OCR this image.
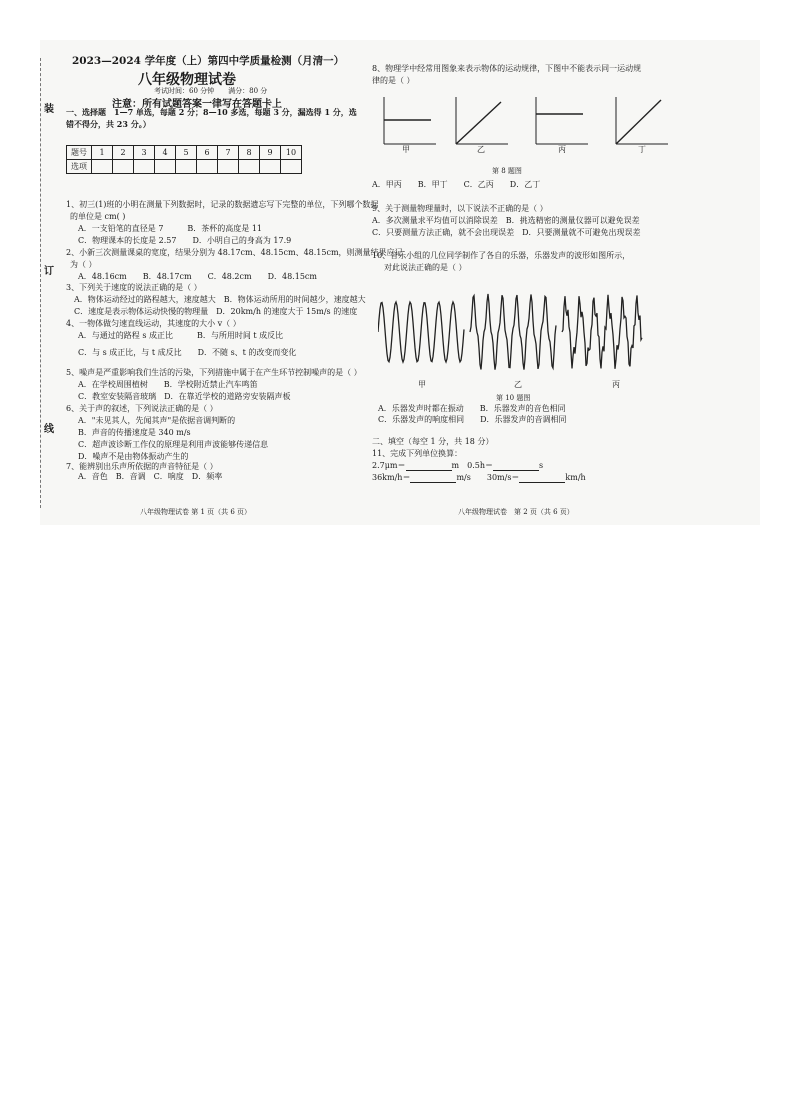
装
订
线
2023—2024 学年度（上）第四中学质量检测（月清一）
八年级物理试卷
考试时间：60 分钟　　满分：80 分
注意：所有试题答案一律写在答题卡上
一、选择题　1—7 单选，每题 2 分；8—10 多选，每题 3 分，漏选得 1 分，选
错不得分，共 23 分。）
题号	1	2	3	4	5	6	7	8	9	10
选项										
1、初三(1)班的小明在测量下列数据时，记录的数据遗忘写下完整的单位，下列哪个数据
的单位是 cm( )
A．一支铅笔的直径是 7　　　B．茶杯的高度是 11
C．物理课本的长度是 2.57　　D．小明自己的身高为 17.9
2、小新三次测量课桌的宽度，结果分别为 48.17cm、48.15cm、48.15cm，则测量结果应记
为（ ）
A．48.16cm　　B．48.17cm　　C．48.2cm　　D．48.15cm
3、下列关于速度的说法正确的是（ ）
A．物体运动经过的路程越大，速度越大　B．物体运动所用的时间越少，速度越大
C．速度是表示物体运动快慢的物理量　D．20km/h 的速度大于 15m/s 的速度
4、一物体做匀速直线运动，其速度的大小 v（ ）
A．与通过的路程 s 成正比　　　B．与所用时间 t 成反比
C．与 s 成正比，与 t 成反比　　D．不随 s、t 的改变而变化
5、噪声是严重影响我们生活的污染，下列措施中属于在产生环节控制噪声的是（ ）
A．在学校周围植树　　B．学校附近禁止汽车鸣笛
C．教室安装隔音玻璃　D．在靠近学校的道路旁安装隔声板
6、关于声的叙述，下列说法正确的是（ ）
A．"未见其人，先闻其声"是依据音调判断的
B．声音的传播速度是 340 m/s
C．超声波诊断工作仪的原理是利用声波能够传递信息
D．噪声不是由物体振动产生的
7、能辨别出乐声所依据的声音特征是（ ）
A．音色　B．音调　C．响度　D．频率
八年级物理试卷 第 1 页（共 6 页）
8、物理学中经常用图象来表示物体的运动规律，下图中不能表示同一运动规
律的是（ ）
甲	乙	丙	丁
第 8 题图
A．甲丙　　B．甲丁　　C．乙丙　　D．乙丁
9、关于测量物理量时，以下说法不正确的是（ ）
A．多次测量求平均值可以消除误差　B．挑选精密的测量仪器可以避免误差
C．只要测量方法正确，就不会出现误差　D．只要测量就不可避免出现误差
10、音乐小组的几位同学制作了各自的乐器，乐器发声的波形如图所示，
对此说法正确的是（ ）
甲	乙	丙
第 10 题图
A．乐器发声时都在振动　　B．乐器发声的音色相同
C．乐器发声的响度相同　　D．乐器发声的音调相同
二、填空（每空 1 分，共 18 分）
11、完成下列单位换算：
2.7μm＝	m　0.5h＝	s
36km/h＝	m/s　　30m/s＝	km/h
八年级物理试卷　第 2 页（共 6 页）
